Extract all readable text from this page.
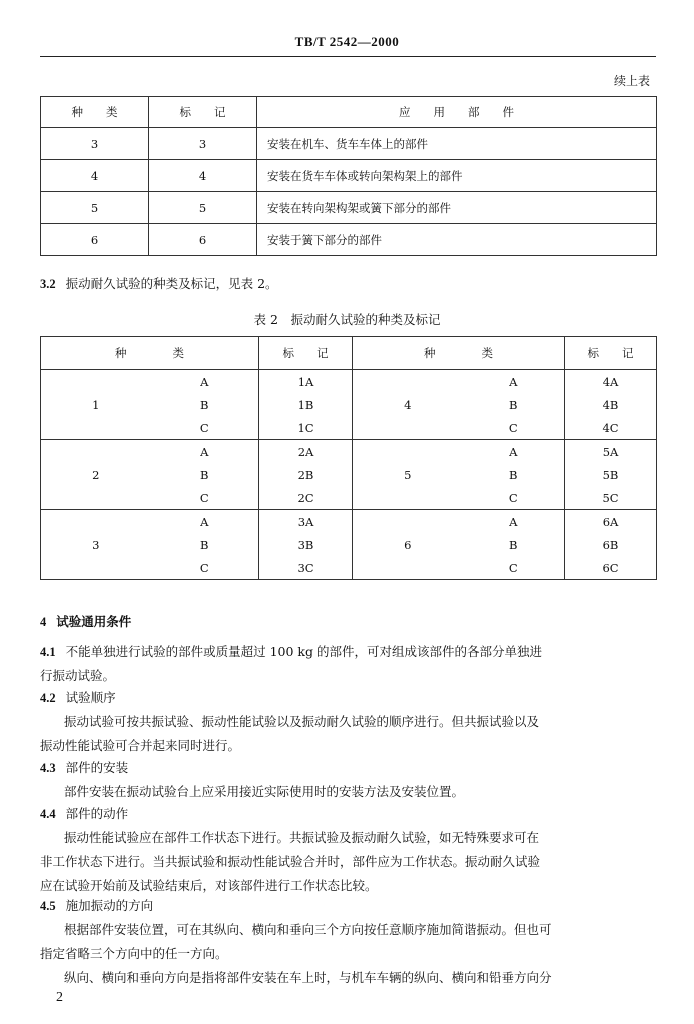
TB/T 2542—2000
续上表
种　　类	标　　记	应　　用　　部　　件
3	3	安装在机车、货车车体上的部件
4	4	安装在货车车体或转向架构架上的部件
5	5	安装在转向架构架或簧下部分的部件
6	6	安装于簧下部分的部件
3.2 振动耐久试验的种类及标记，见表 2。
表 2　振动耐久试验的种类及标记
种　　　　类		标　　记	种　　　　类		标　　记
1	A	1A	4	A	4A
	B	1B		B	4B
	C	1C		C	4C
2	A	2A	5	A	5A
	B	2B		B	5B
	C	2C		C	5C
3	A	3A	6	A	6A
	B	3B		B	6B
	C	3C		C	6C
4 试验通用条件
4.1 不能单独进行试验的部件或质量超过 100 kg 的部件，可对组成该部件的各部分单独进
行振动试验。
4.2 试验顺序
振动试验可按共振试验、振动性能试验以及振动耐久试验的顺序进行。但共振试验以及
振动性能试验可合并起来同时进行。
4.3 部件的安装
部件安装在振动试验台上应采用接近实际使用时的安装方法及安装位置。
4.4 部件的动作
振动性能试验应在部件工作状态下进行。共振试验及振动耐久试验，如无特殊要求可在
非工作状态下进行。当共振试验和振动性能试验合并时，部件应为工作状态。振动耐久试验
应在试验开始前及试验结束后，对该部件进行工作状态比较。
4.5 施加振动的方向
根据部件安装位置，可在其纵向、横向和垂向三个方向按任意顺序施加简谐振动。但也可
指定省略三个方向中的任一方向。
纵向、横向和垂向方向是指将部件安装在车上时，与机车车辆的纵向、横向和铅垂方向分
2
